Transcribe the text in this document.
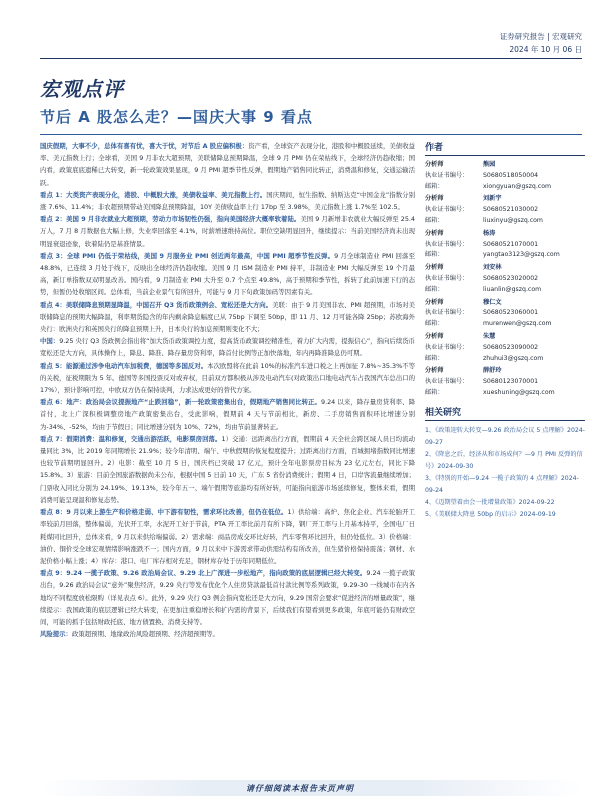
证券研究报告 | 宏观研究
2024 年 10 月 06 日
宏观点评
节后 A 股怎么走？—国庆大事 9 看点

国庆假期，大事不少，总体有喜有忧，喜大于忧，对节后 A 股应偏积极：资产看，全球资产表现分化，港股和中概股延续，美债收益率、美元指数上行；全球看，美国 9 月非农大超预期，美联储降息预期降温，全球 9 月 PMI 仍在荣枯线下，全球经济仍趋收缩；国内看，政策底底遗稀已大转变，新一轮政策效果显现，9 月 PMI 超季节性反弹，假期地产销售同比转正，消费温和修复，交通运输活跃。

看点 1：大类资产表现分化，港股、中概股大涨，美债收益率、美元指数上行。国庆期间，恒生指数、纳斯达克“中国金龙”指数分别涨 7.6%、11.4%；非农超预期带动美国降息预期降温，10Y 美债收益率上行 17bp 至 3.98%，美元指数上涨 1.7%至 102.5。

看点 2：美国 9 月非农就业大超预期，劳动力市场韧性仍强，指向美国经济大概率软着陆。美国 9 月新增非农就业大幅反弹至 25.4 万人，7 月 8 月数据也大幅上修，失业率回落至 4.1%，时薪增速维持高位。职位空缺明显回升，继续提示：当前美国经济尚未出现明显衰退迹象，软着陆仍是基准情景。

看点 3：全球 PMI 仍低于荣枯线，美国 9 月服务业 PMI 创近两年最高，中国 PMI 超季节性反弹。9 月全球制造业 PMI 回落至 48.8%，已连续 3 月处于线下，反映出全球经济仍趋收缩。美国 9 月 ISM 制造业 PMI 持平，非制造业 PMI 大幅反弹至 19 个月最高，新订单指数双双明显改善。国内看，9 月制造业 PMI 大升至 0.7 个点至 49.8%，高于预期和季节性，拆转了此前加速下行的态势，但暂仍处收缩区间。总体看，当前企业景气有所回升，可能与 9 月下旬政策加码等因素有关。

看点 4：美联储降息预期显降温，中国召开 Q3 货币政策例会、宽松还是大方向。美联：由于 9 月美国非农、PMI 超预期，市场对美联储降息的预期大幅降温，利率期货隐含的年内剩余降息幅度已从 75bp 下调至 50bp，即 11 月、12 月可能各降 25bp；苏欧海外央行：欧洲央行和英国央行的降息预期上升，日本央行的加息预期则变化不大；

中国：9.25 央行 Q3 货政例会指出将“加大货币政策调控力度，提高货币政策调控精准性，着力扩大内需，提振信心”，指向后续货币宽松还是大方向，具体操作上，降息、降准、降存量房贷利率，降首付比例等正加快落地，年内再降准降息仍可期。

看点 5：能源通过涉争电动汽车加税费，德国等多国反对。本次欧盟将在此前 10%的标准汽车进口税之上再加征 7.8%~35.3%不等的关税，征税期限为 5 年。德国等多国投票反对或弃权，目前双方都积极从涉及电动汽车(对政策出口地电动汽车占我国汽车总出口的 17%），预计影响可控，中欧双方仍在保持谈判，力求达成更好的替代方案。

看点 6：地产：政治局会议提振地产“止跌回稳”，新一轮政策密集出台，假期地产销售同比转正。9.24 以来，降存量房贷利率、降首付，北上广深积极调整房地产政策密集出台，受此影响，假期前 4 天与节前相比，新房、二手房销售面积环比增速分别为-34%、-52%，均由于节假日；同比增速分别为 10%、72%，均由节前显著转正。

看点 7：假期消费：温和修复，交通出游活跃，电影票房回落。1）交通：远距离出行方面，假期前 4 天全社会跨区域人员日均流动量同比 3%，比 2019 年同期增长 21.9%；较今年清明、端午、中秋假期的恢复程度提升；过距离出行方面，百城拥堵指数同比增速也较节前期明显回升。2）电影：截至 10 月 5 日，国庆档已突破 17 亿元，预计全年电影票房目标为 23 亿元左右，同比下降 15.8%。3）旅游：目前全国旅游数据尚未公布，根据中国 5 日前 10 天，广东 5 省份消费统计；假期 4 日，口岸客流量继续增加；门票收入同比分别为 24.19%、19.13%，较今年五一、端午假期等旅游均有所好转，可能指向旅游市场延续修复，整体来看，假期消费可能呈现温和修复态势。

看点 8：9 月以来上游生产和价格走弱、中下游有韧性，需求环比改善，但仍在低位。1）供给端：高炉、焦化企业、汽车轮胎开工率较前月回落，整体偏弱，光伏开工率，水泥开工好于节前，PTA 开工率比前月有所下降，钢厂开工率与上月基本持平，全国电厂日耗煤同比回升，总体来看，9 月以来供给端偏弱。2）需求端：商品房成交环比好转，汽车零售环比回升，但仍处低位。3）价格端：油价、铜价受全球宏观情绪影响涨跌不一；国内方面，9 月以来中下游需求带动供需结构有所改善，但生猪价格保持震荡；钢材、水泥价格小幅上涨；4）库存：港口、电厂库存相对充足，钢材库存处于历年同期低位。

看点 9：9.24 一揽子政策、9.26 政治局会议、9.29 北上广深进一步松地产，指向政策的底层逻辑已经大转变。9.24 一揽子政策出台，9.26 政治局会议“意外”聚焦经济，9.29 央行等发布优化个人住房贷款最低首付款比例等系列政策，9.29-30 一线城市在内各地均不同程度放松限购（详见表点 6）。此外，9.29 央行 Q3 例会指向宽松还是大方向，9.29 国常会要求“促进经济的增量政策”，继续提示：我国政策的底层逻辑已经大转变，在更加注重稳增长和扩内需的背景下，后续我们有望看到更多政策，年底可能仍有财政空间，可能的抓手包括财政托底、地方债置换、消费支持等。

风险提示：政策超预期、地缘政治风险超预期、经济超预期等。

作者
分析师	熊园
执业证书编号：	S0680518050004
邮箱：	xiongyuan@gszq.com
分析师	刘新宇
执业证书编号：	S0680521030002
邮箱：	liuxinyu@gszq.com
分析师	杨涛
执业证书编号：	S0680521070001
邮箱：	yangtao3123@gszq.com
分析师	刘安林
执业证书编号：	S0680523020002
邮箱：	liuanlin@gszq.com
分析师	穆仁文
执业证书编号：	S0680523060001
邮箱：	murenwen@gszq.com
分析师	朱慧
执业证书编号：	S0680523090002
邮箱：	zhuhui3@gszq.com
分析师	薛舒玲
执业证书编号：	S0680123070001
邮箱：	xueshuning@gszq.com
相关研究
1、《政策迎转大转变—9.26 政治局会议 5 点理解》2024-09-27
2、《降息之后，经济从和市场成何？—9 月 PMI 反弹的信号》2024-09-30
3、《特别的开始—9.24 一揽子政策的 4 点理解》2024-09-24
4、《迈期望着由会一批增量政策》2024-09-22
5、《美联储大降息 50bp 的启示》2024-09-19
请仔细阅读本报告末页声明
